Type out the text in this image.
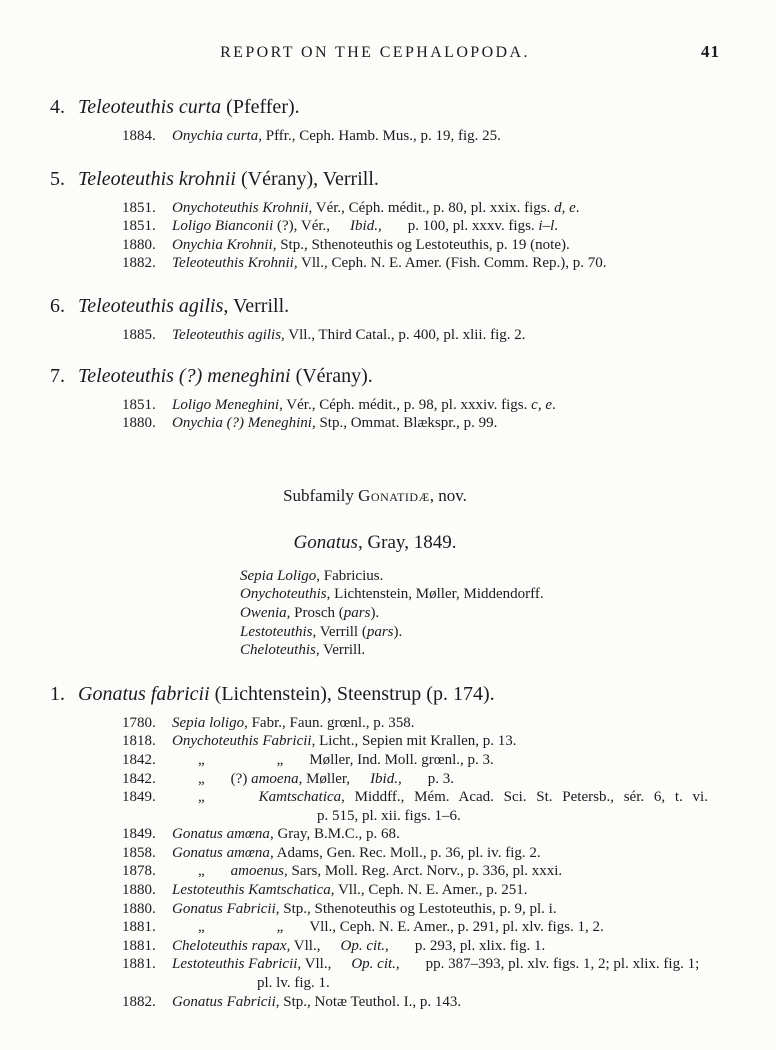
REPORT ON THE CEPHALOPODA.	41
4. Teleoteuthis curta (Pfeffer).
1884. Onychia curta, Pffr., Ceph. Hamb. Mus., p. 19, fig. 25.
5. Teleoteuthis krohnii (Vérany), Verrill.
1851. Onychoteuthis Krohnii, Vér., Céph. médit., p. 80, pl. xxix. figs. d, e.
1851. Loligo Bianconii (?), Vér., Ibid., p. 100, pl. xxxv. figs. i–l.
1880. Onychia Krohnii, Stp., Sthenoteuthis og Lestoteuthis, p. 19 (note).
1882. Teleoteuthis Krohnii, Vll., Ceph. N. E. Amer. (Fish. Comm. Rep.), p. 70.
6. Teleoteuthis agilis, Verrill.
1885. Teleoteuthis agilis, Vll., Third Catal., p. 400, pl. xlii. fig. 2.
7. Teleoteuthis (?) meneghini (Vérany).
1851. Loligo Meneghini, Vér., Céph. médit., p. 98, pl. xxxiv. figs. c, e.
1880. Onychia (?) Meneghini, Stp., Ommat. Blækspr., p. 99.
Subfamily Gonatidæ, nov.
Gonatus, Gray, 1849.
Sepia Loligo, Fabricius.
Onychoteuthis, Lichtenstein, Møller, Middendorff.
Owenia, Prosch (pars).
Lestoteuthis, Verrill (pars).
Cheloteuthis, Verrill.
1. Gonatus fabricii (Lichtenstein), Steenstrup (p. 174).
1780. Sepia loligo, Fabr., Faun. grœnl., p. 358.
1818. Onychoteuthis Fabricii, Licht., Sepien mit Krallen, p. 13.
1842.	„	„ Møller, Ind. Moll. grœnl., p. 3.
1842.	„ (?) amoena, Møller, Ibid., p. 3.
1849.	„	Kamtschatica, Middff., Mém. Acad. Sci. St. Petersb., sér. 6, t. vi.
p. 515, pl. xii. figs. 1–6.
1849. Gonatus amœna, Gray, B.M.C., p. 68.
1858. Gonatus amœna, Adams, Gen. Rec. Moll., p. 36, pl. iv. fig. 2.
1878.	„ amoenus, Sars, Moll. Reg. Arct. Norv., p. 336, pl. xxxi.
1880. Lestoteuthis Kamtschatica, Vll., Ceph. N. E. Amer., p. 251.
1880. Gonatus Fabricii, Stp., Sthenoteuthis og Lestoteuthis, p. 9, pl. i.
1881.	„	„ Vll., Ceph. N. E. Amer., p. 291, pl. xlv. figs. 1, 2.
1881. Cheloteuthis rapax, Vll., Op. cit., p. 293, pl. xlix. fig. 1.
1881. Lestoteuthis Fabricii, Vll., Op. cit., pp. 387–393, pl. xlv. figs. 1, 2; pl. xlix. fig. 1;
pl. lv. fig. 1.
1882. Gonatus Fabricii, Stp., Notæ Teuthol. I., p. 143.
